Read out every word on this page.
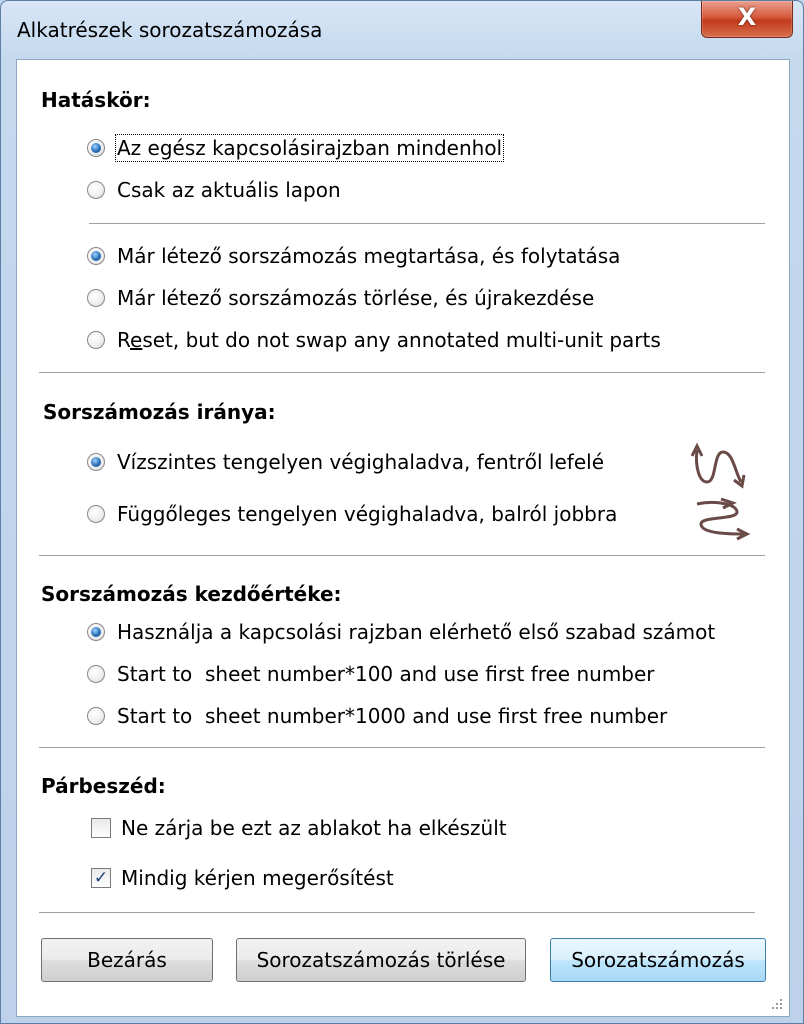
Alkatrészek sorozatszámozása	X
Hatáskör:
Az egész kapcsolásirajzban mindenhol
Csak az aktuális lapon
Már létező sorszámozás megtartása, és folytatása
Már létező sorszámozás törlése, és újrakezdése
Reset, but do not swap any annotated multi-unit parts
Sorszámozás iránya:
Vízszintes tengelyen végighaladva, fentről lefelé
Függőleges tengelyen végighaladva, balról jobbra
Sorszámozás kezdőértéke:
Használja a kapcsolási rajzban elérhető első szabad számot
Start to  sheet number*100 and use first free number
Start to  sheet number*1000 and use first free number
Párbeszéd:
Ne zárja be ezt az ablakot ha elkészült
✓ Mindig kérjen megerősítést
Bezárás	Sorozatszámozás törlése	Sorozatszámozás
